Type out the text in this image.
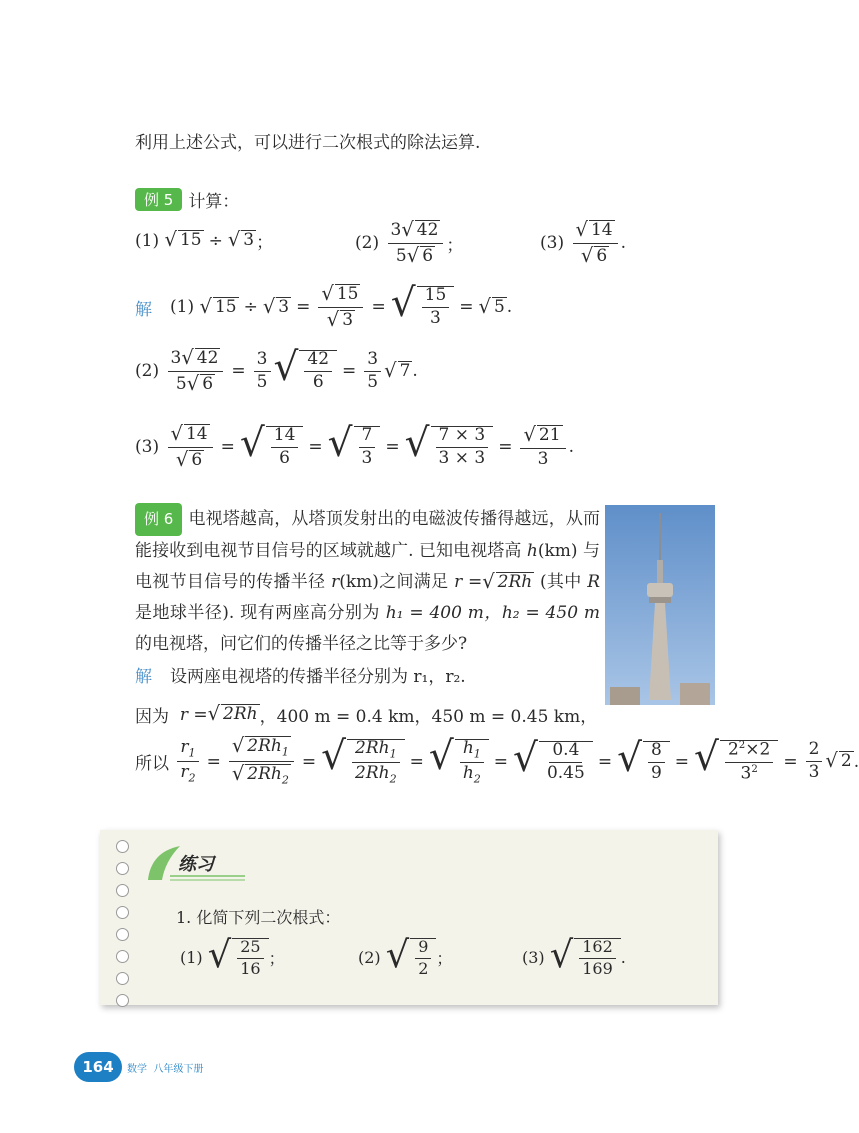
利用上述公式，可以进行二次根式的除法运算.
例 5 计算：
(1)
√ 15 ÷ √ 3 ；	(2)
$\frac{3 √ 42}{5 √ 6}$ ；	(3)
$\frac{√ 14}{√ 6}$ .
解 (1)
√ 15 ÷ √ $3 = \frac{√ 15}{√ 3}$ = √ $\frac{15}{3}$ = √ 5 .
(2)
$\frac{3 √ 42}{5 √ 6} = \frac{3}{5}$ √ $\frac{42}{6} = \frac{3}{5}$ √ 7 .
(3)
$\frac{√ 14}{√ 6}$ = √ $\frac{14}{6}$ = √ $\frac{7}{3}$ = √ $\frac{7 \times 3}{3 \times 3} = \frac{√ 21}{3}$ .
例 6 电视塔越高，从塔顶发射出的电磁波传播得越远，从而能接收到电视节目信号的区域就越广. 已知电视塔高 h(km) 与电视节目信号的传播半径 r(km)之间满足 r = √ 2Rh (其中 R 是地球半径). 现有两座高分别为 h₁ = 400 m，h₂ = 450 m 的电视塔，问它们的传播半径之比等于多少?
解 设两座电视塔的传播半径分别为 r₁，r₂.
因为
r = √ 2Rh ，400 m = 0.4 km，450 m = 0.45 km，
所以
$\frac{r_1}{r_2} = \frac{√ 2Rh_1}{√ 2Rh_2}$ = √ $\frac{2Rh_1}{2Rh_2}$ = √ $\frac{h_1}{h_2}$ = √ $\frac{0.4}{0.45}$ = √ $\frac{8}{9}$ = √ $\frac{2^2\times 2}{3^2} = \frac{2}{3}$ √ 2 .
练习
1. 化简下列二次根式：
(1)
√ $\frac{25}{16}$ ；	(2)
√ $\frac{9}{2}$ ；	(3)
√ $\frac{162}{169}$ .
164	数学 八年级下册
